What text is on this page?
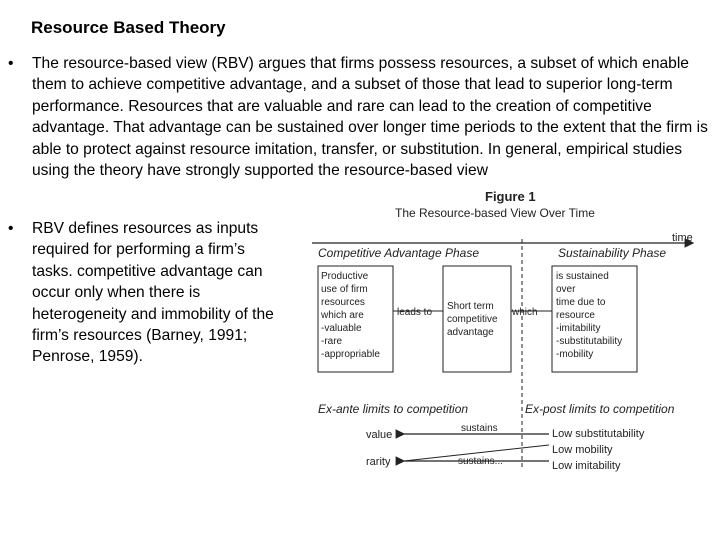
Resource Based Theory
•	The resource-based view (RBV) argues that firms possess resources, a subset of which enable them to achieve competitive advantage, and a subset of those that lead to superior long-term performance. Resources that are valuable and rare can lead to the creation of competitive advantage. That advantage can be sustained over longer time periods to the extent that the firm is able to protect against resource imitation, transfer, or substitution. In general, empirical studies using the theory have strongly supported the resource-based view
•	RBV defines resources as inputs required for performing a firm’s tasks. competitive advantage can occur only when there is heterogeneity and immobility of the firm’s resources (Barney, 1991; Penrose, 1959).
Figure 1
The Resource-based View Over Time
time
Competitive Advantage Phase	Sustainability Phase
Productive use of firm resources which are -valuable -rare -appropriable
leads to
Short term competitive advantage
which
is sustained over time due to resource -imitability -substitutability -mobility
Ex-ante limits to competition	Ex-post limits to competition
value
sustains
rarity	sustains...
Low substitutability Low mobility Low imitability
